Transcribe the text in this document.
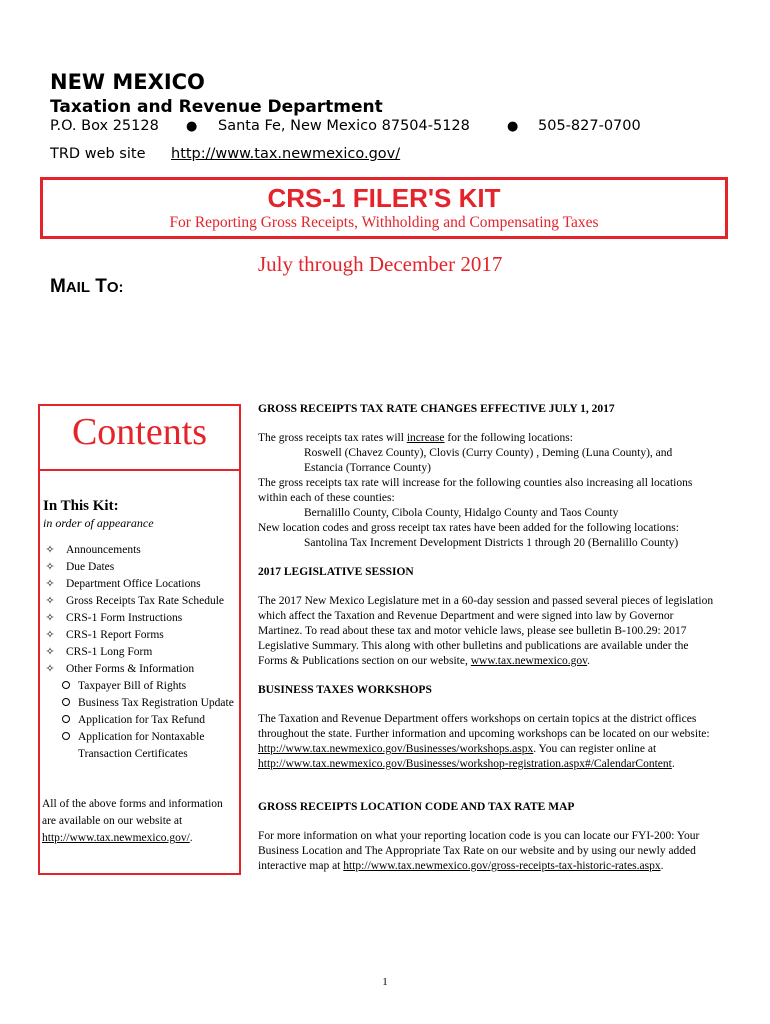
NEW MEXICO
Taxation and Revenue Department
P.O. Box 25128 ● Santa Fe, New Mexico 87504-5128	● 505-827-0700
TRD web site http://www.tax.newmexico.gov/
CRS-1 FILER'S KIT
For Reporting Gross Receipts, Withholding and Compensating Taxes
July through December 2017
MAIL TO:
Contents
In This Kit:
in order of appearance
✧ Announcements
✧ Due Dates
✧ Department Office Locations
✧ Gross Receipts Tax Rate Schedule
✧ CRS-1 Form Instructions
✧ CRS-1 Report Forms
✧ CRS-1 Long Form
✧ Other Forms & Information
Taxpayer Bill of Rights
Business Tax Registration Update
Application for Tax Refund
Application for Nontaxable
Transaction Certificates
All of the above forms and information
are available on our website at
http://www.tax.newmexico.gov/.
GROSS RECEIPTS TAX RATE CHANGES EFFECTIVE JULY 1, 2017
The gross receipts tax rates will increase for the following locations:
Roswell (Chavez County), Clovis (Curry County) , Deming (Luna County), and
Estancia (Torrance County)
The gross receipts tax rate will increase for the following counties also increasing all locations within each of these counties:
Bernalillo County, Cibola County, Hidalgo County and Taos County
New location codes and gross receipt tax rates have been added for the following locations:
Santolina Tax Increment Development Districts 1 through 20 (Bernalillo County)
2017 LEGISLATIVE SESSION
The 2017 New Mexico Legislature met in a 60-day session and passed several pieces of legislation which affect the Taxation and Revenue Department and were signed into law by Governor Martinez. To read about these tax and motor vehicle laws, please see bulletin B-100.29: 2017 Legislative Summary. This along with other bulletins and publications are available under the Forms & Publications section on our website, www.tax.newmexico.gov.
BUSINESS TAXES WORKSHOPS
The Taxation and Revenue Department offers workshops on certain topics at the district offices throughout the state. Further information and upcoming workshops can be located on our website: http://www.tax.newmexico.gov/Businesses/workshops.aspx. You can register online at http://www.tax.newmexico.gov/Businesses/workshop-registration.aspx#/CalendarContent.
GROSS RECEIPTS LOCATION CODE AND TAX RATE MAP
For more information on what your reporting location code is you can locate our FYI-200: Your Business Location and The Appropriate Tax Rate on our website and by using our newly added interactive map at http://www.tax.newmexico.gov/gross-receipts-tax-historic-rates.aspx.
1
